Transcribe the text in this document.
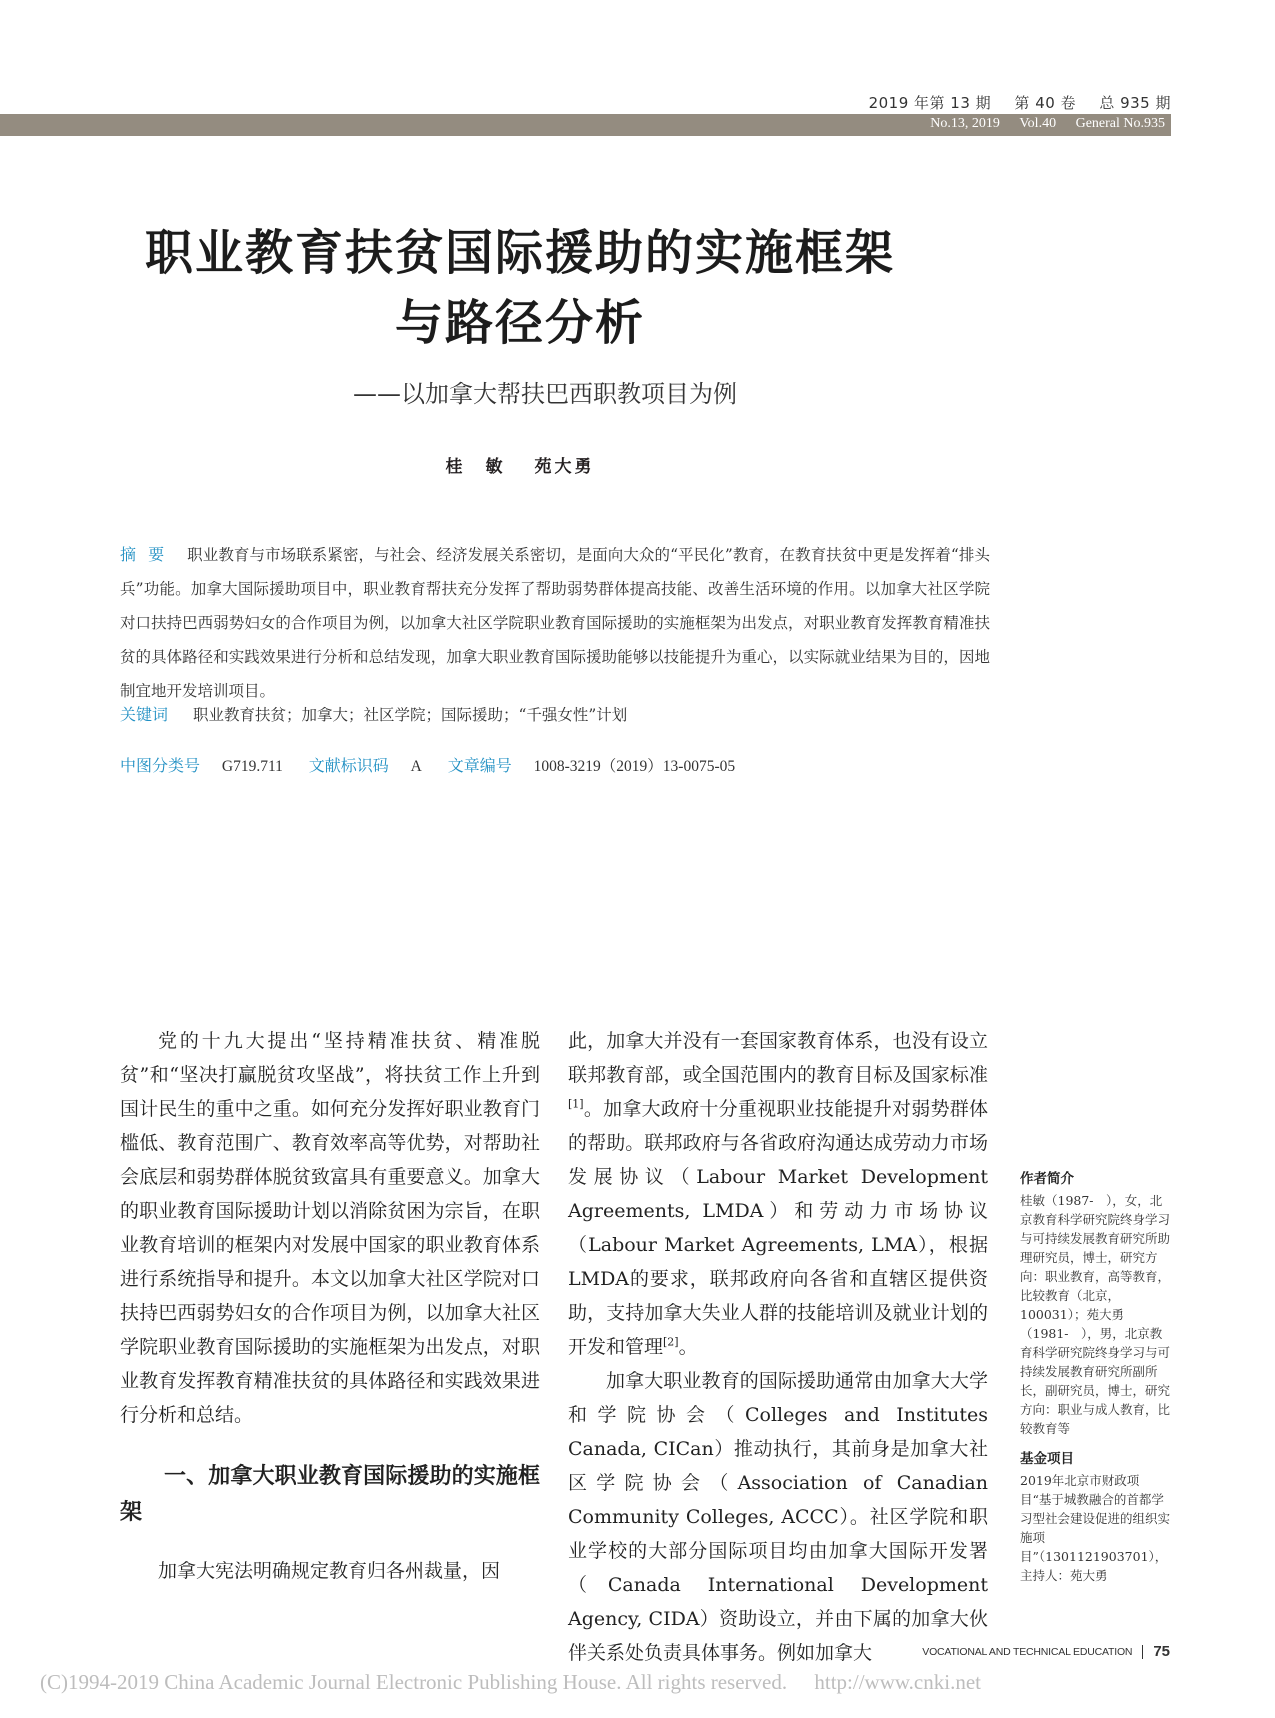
2019 年第 13 期 第 40 卷 总 935 期
No.13, 2019 Vol.40 General No.935
职业教育扶贫国际援助的实施框架
与路径分析
——以加拿大帮扶巴西职教项目为例
桂　敏 苑大勇
摘要 职业教育与市场联系紧密，与社会、经济发展关系密切，是面向大众的“平民化”教育，在教育扶贫中更是发挥着“排头兵”功能。加拿大国际援助项目中，职业教育帮扶充分发挥了帮助弱势群体提高技能、改善生活环境的作用。以加拿大社区学院对口扶持巴西弱势妇女的合作项目为例，以加拿大社区学院职业教育国际援助的实施框架为出发点，对职业教育发挥教育精准扶贫的具体路径和实践效果进行分析和总结发现，加拿大职业教育国际援助能够以技能提升为重心，以实际就业结果为目的，因地制宜地开发培训项目。
关键词 职业教育扶贫；加拿大；社区学院；国际援助；“千强女性”计划
中图分类号 G719.711 文献标识码 A 文章编号 1008-3219（2019）13-0075-05

党的十九大提出“坚持精准扶贫、精准脱贫”和“坚决打赢脱贫攻坚战”，将扶贫工作上升到国计民生的重中之重。如何充分发挥好职业教育门槛低、教育范围广、教育效率高等优势，对帮助社会底层和弱势群体脱贫致富具有重要意义。加拿大的职业教育国际援助计划以消除贫困为宗旨，在职业教育培训的框架内对发展中国家的职业教育体系进行系统指导和提升。本文以加拿大社区学院对口扶持巴西弱势妇女的合作项目为例，以加拿大社区学院职业教育国际援助的实施框架为出发点，对职业教育发挥教育精准扶贫的具体路径和实践效果进行分析和总结。

一、加拿大职业教育国际援助的实施框架

加拿大宪法明确规定教育归各州裁量，因

此，加拿大并没有一套国家教育体系，也没有设立联邦教育部，或全国范围内的教育目标及国家标准[1]。加拿大政府十分重视职业技能提升对弱势群体的帮助。联邦政府与各省政府沟通达成劳动力市场发展协议（Labour Market Development Agreements, LMDA）和劳动力市场协议（Labour Market Agreements, LMA），根据LMDA的要求，联邦政府向各省和直辖区提供资助，支持加拿大失业人群的技能培训及就业计划的开发和管理[2]。

加拿大职业教育的国际援助通常由加拿大大学和学院协会（Colleges and Institutes Canada, CICan）推动执行，其前身是加拿大社区学院协会（Association of Canadian Community Colleges, ACCC）。社区学院和职业学校的大部分国际项目均由加拿大国际开发署（Canada International Development Agency, CIDA）资助设立，并由下属的加拿大伙伴关系处负责具体事务。例如加拿大

作者简介

桂敏（1987-　），女，北京教育科学研究院终身学习与可持续发展教育研究所助理研究员，博士，研究方向：职业教育，高等教育，比较教育（北京，100031）；苑大勇（1981-　），男，北京教育科学研究院终身学习与可持续发展教育研究所副所长，副研究员，博士，研究方向：职业与成人教育，比较教育等

基金项目

2019年北京市财政项目“基于城教融合的首都学习型社会建设促进的组织实施项目”（1301121903701），主持人：苑大勇

VOCATIONAL AND TECHNICAL EDUCATION 75
(C)1994-2019 China Academic Journal Electronic Publishing House. All rights reserved. http://www.cnki.net
